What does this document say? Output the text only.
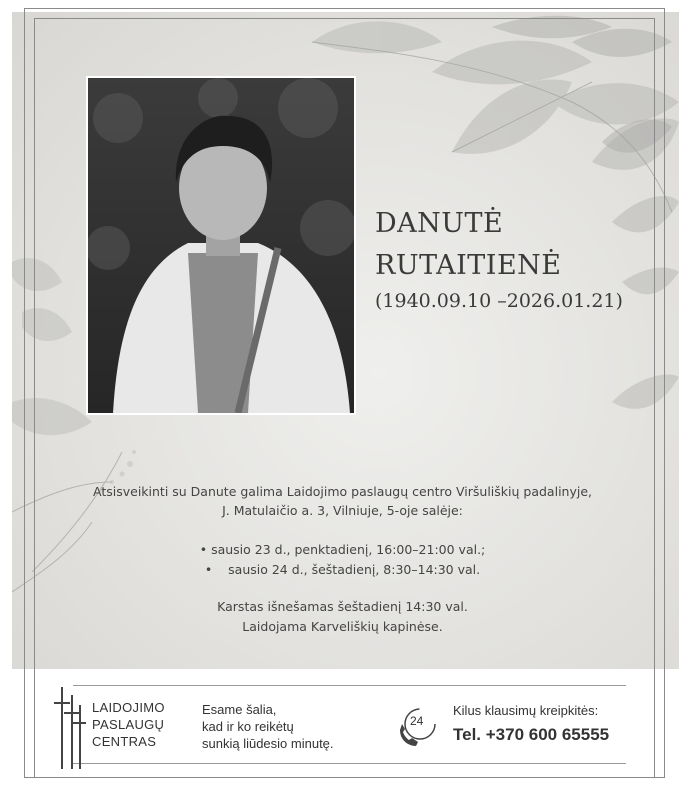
DANUTĖ
RUTAITIENĖ
(1940.09.10 –2026.01.21)
Atsisveikinti su Danute galima Laidojimo paslaugų centro Viršuliškių padalinyje,
J. Matulaičio a. 3, Vilniuje, 5-oje salėje:
• sausio 23 d., penktadienį, 16:00–21:00 val.;
• sausio 24 d., šeštadienį, 8:30–14:30 val.
Karstas išnešamas šeštadienį 14:30 val.
Laidojama Karveliškių kapinėse.
LAIDOJIMO
PASLAUGŲ
CENTRAS
Esame šalia,
kad ir ko reikėtų
sunkią liūdesio minutę.
24
Kilus klausimų kreipkitės:
Tel. +370 600 65555
